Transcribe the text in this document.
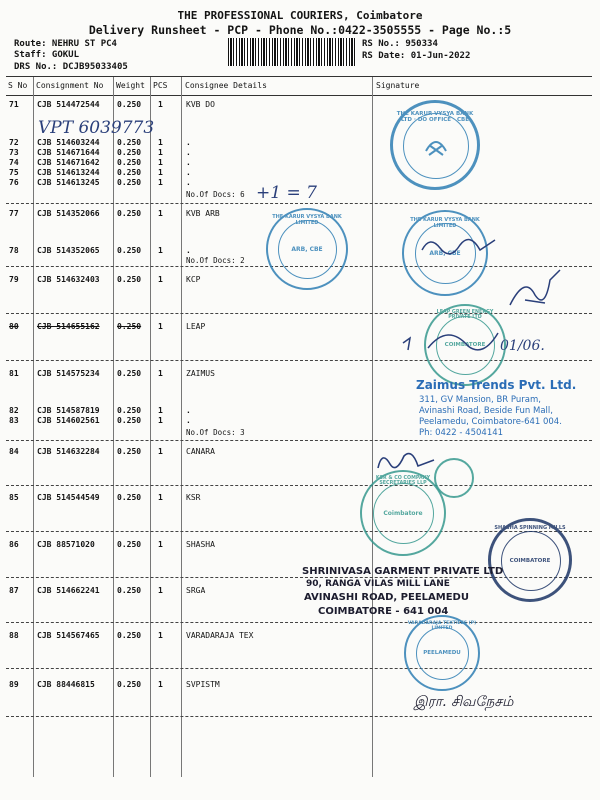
THE PROFESSIONAL COURIERS, Coimbatore
Delivery Runsheet - PCP - Phone No.:0422-3505555 - Page No.:5
Route: NEHRU ST PC4
Staff: GOKUL
DRS No.: DCJB95033405
RS No.: 950334
RS Date: 01-Jun-2022
S No Consignment No Weight PCS Consignee Details	Signature
71 CJB 514472544 0.250 1	KVB DO
72 CJB 514603244 0.250 1	.
73 CJB 514671644 0.250 1	.
74 CJB 514671642 0.250 1	.
75 CJB 514613244 0.250 1	.
76 CJB 514613245 0.250 1	.
No.Of Docs: 6
VPT 6039773
+1 = 7
THE KARUR VYSYA BANK LTD · DO OFFICE · CBE
77 CJB 514352066 0.250 1	KVB ARB
78 CJB 514352065 0.250 1	.
No.Of Docs: 2
THE KARUR VYSYA BANK LIMITED
ARB, CBE
THE KARUR VYSYA BANK LIMITED
ARB, CBE
79 CJB 514632403 0.250 1	KCP
80 CJB 514655162 0.250 1	LEAP
LEAP GREEN ENERGY PRIVATE LTD
COIMBATORE	01/06.
81 CJB 514575234 0.250 1	ZAIMUS
82 CJB 514587819 0.250 1	.
83 CJB 514602561 0.250 1	.
No.Of Docs: 3
Zaimus Trends Pvt. Ltd.
311, GV Mansion, BR Puram,
Avinashi Road, Beside Fun Mall,
Peelamedu, Coimbatore-641 004.
Ph: 0422 - 4504141
84 CJB 514632284 0.250 1	CANARA
85 CJB 514544549 0.250 1	KSR
KSR & CO COMPANY SECRETARIES LLP
Coimbatore
86 CJB 88571020	0.250 1	SHASHA
SHASHA SPINNING MILLS
COIMBATORE
87 CJB 514662241 0.250 1	SRGA
SHRINIVASA GARMENT PRIVATE LTD
90, RANGA VILAS MILL LANE
AVINASHI ROAD, PEELAMEDU
COIMBATORE - 641 004
88 CJB 514567465 0.250 1	VARADARAJA TEX
VARADARAJA TEXTILES (P) LIMITED
PEELAMEDU
89 CJB 88446815	0.250 1	SVPISTM
இரா. சிவநேசம்
